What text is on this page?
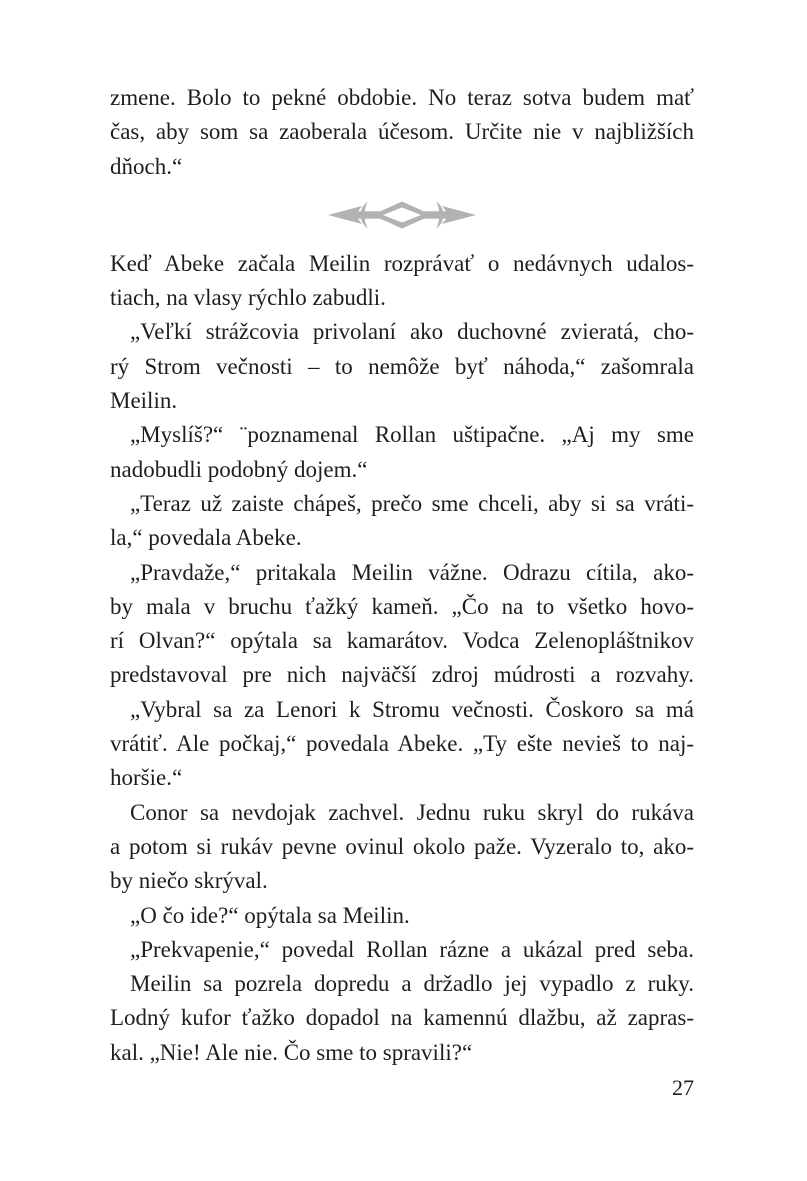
zmene. Bolo to pekné obdobie. No teraz sotva budem mať
čas, aby som sa zaoberala účesom. Určite nie v najbližších
dňoch.“
Keď Abeke začala Meilin rozprávať o nedávnych udalos-
tiach, na vlasy rýchlo zabudli.
„Veľkí strážcovia privolaní ako duchovné zvieratá, cho-
rý Strom večnosti – to nemôže byť náhoda,“ zašomrala
Meilin.
„Myslíš?“ ¨poznamenal Rollan uštipačne. „Aj my sme
nadobudli podobný dojem.“
„Teraz už zaiste chápeš, prečo sme chceli, aby si sa vráti-
la,“ povedala Abeke.
„Pravdaže,“ pritakala Meilin vážne. Odrazu cítila, ako-
by mala v bruchu ťažký kameň. „Čo na to všetko hovo-
rí Olvan?“ opýtala sa kamarátov. Vodca Zelenopláštnikov
predstavoval pre nich najväčší zdroj múdrosti a rozvahy.
„Vybral sa za Lenori k Stromu večnosti. Čoskoro sa má
vrátiť. Ale počkaj,“ povedala Abeke. „Ty ešte nevieš to naj-
horšie.“
Conor sa nevdojak zachvel. Jednu ruku skryl do rukáva
a potom si rukáv pevne ovinul okolo paže. Vyzeralo to, ako-
by niečo skrýval.
„O čo ide?“ opýtala sa Meilin.
„Prekvapenie,“ povedal Rollan rázne a ukázal pred seba.
Meilin sa pozrela dopredu a držadlo jej vypadlo z ruky.
Lodný kufor ťažko dopadol na kamennú dlažbu, až zapras-
kal. „Nie! Ale nie. Čo sme to spravili?“
27
